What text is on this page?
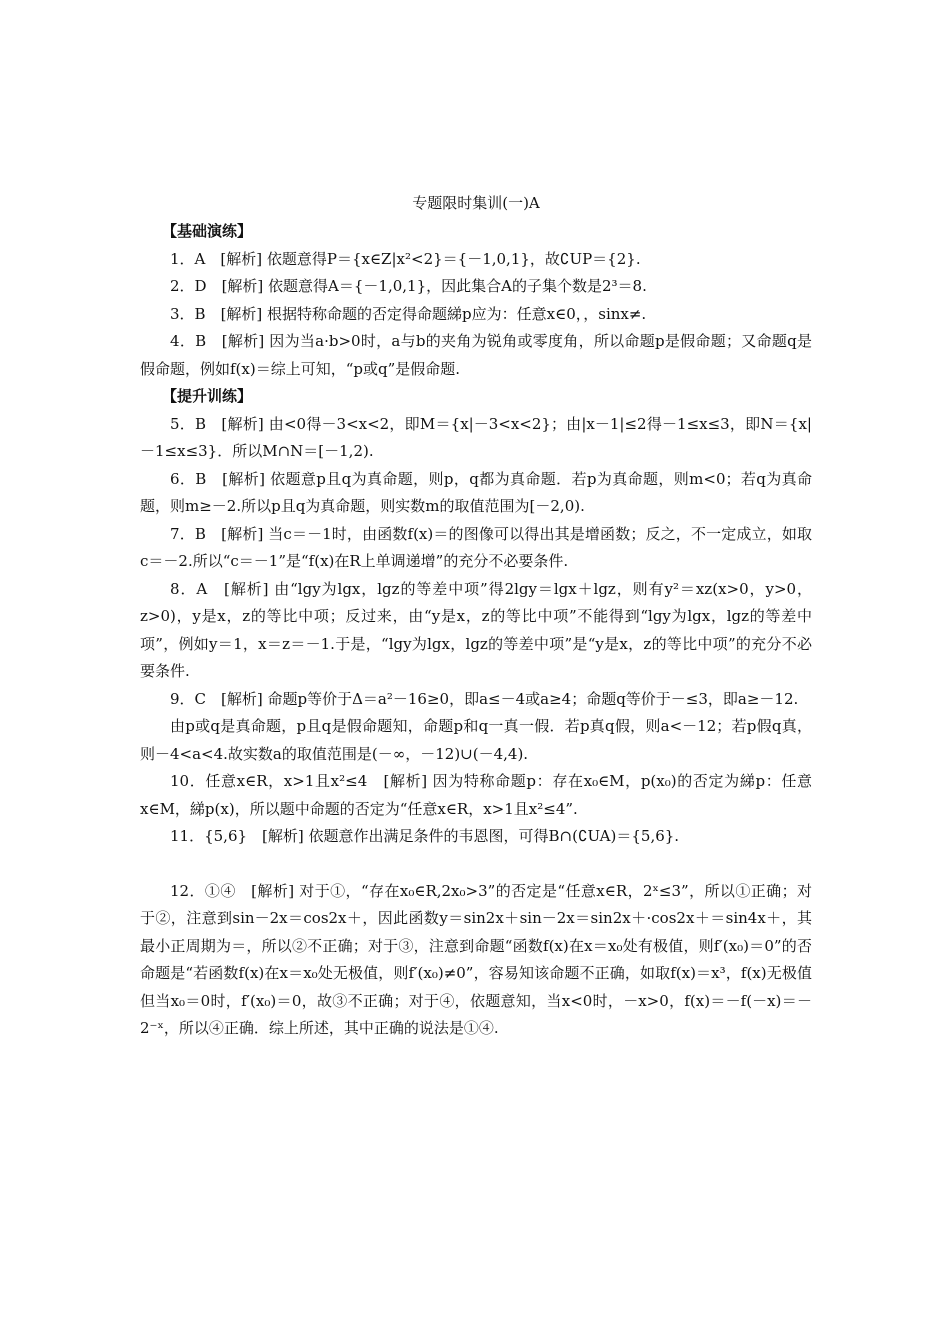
专题限时集训(一)A

【基础演练】

1．A　[解析] 依题意得P＝{x∈Z|x²<2}＝{－1,0,1}，故∁UP＝{2}.

2．D　[解析] 依题意得A＝{－1,0,1}，因此集合A的子集个数是2³＝8.

3．B　[解析] 根据特称命题的否定得命题綈p应为：任意x∈0，，sinx≠.

4．B　[解析] 因为当a·b>0时，a与b的夹角为锐角或零度角，所以命题p是假命题；又命题q是假命题，例如f(x)＝综上可知，“p或q”是假命题.

【提升训练】

5．B　[解析] 由<0得－3<x<2，即M＝{x|－3<x<2}；由|x－1|≤2得－1≤x≤3，即N＝{x|－1≤x≤3}．所以M∩N＝[－1,2).

6．B　[解析] 依题意p且q为真命题，则p，q都为真命题．若p为真命题，则m<0；若q为真命题，则m≥－2.所以p且q为真命题，则实数m的取值范围为[－2,0).

7．B　[解析] 当c＝－1时，由函数f(x)＝的图像可以得出其是增函数；反之，不一定成立，如取c＝－2.所以“c＝－1”是“f(x)在R上单调递增”的充分不必要条件.

8．A　[解析] 由“lgy为lgx，lgz的等差中项”得2lgy＝lgx＋lgz，则有y²＝xz(x>0，y>0，z>0)，y是x，z的等比中项；反过来，由“y是x，z的等比中项”不能得到“lgy为lgx，lgz的等差中项”，例如y＝1，x＝z＝－1.于是，“lgy为lgx，lgz的等差中项”是“y是x，z的等比中项”的充分不必要条件.

9．C　[解析] 命题p等价于Δ＝a²－16≥0，即a≤－4或a≥4；命题q等价于－≤3，即a≥－12.

由p或q是真命题，p且q是假命题知，命题p和q一真一假．若p真q假，则a<－12；若p假q真，则－4<a<4.故实数a的取值范围是(－∞，－12)∪(－4,4).

10．任意x∈R，x>1且x²≤4　[解析] 因为特称命题p：存在x₀∈M，p(x₀)的否定为綈p：任意x∈M，綈p(x)，所以题中命题的否定为“任意x∈R，x>1且x²≤4”.

11．{5,6}　[解析] 依题意作出满足条件的韦恩图，可得B∩(∁UA)＝{5,6}.

12．①④　[解析] 对于①，“存在x₀∈R,2x₀>3”的否定是“任意x∈R，2ˣ≤3”，所以①正确；对于②，注意到sin－2x＝cos2x＋，因此函数y＝sin2x＋sin－2x＝sin2x＋·cos2x＋＝sin4x＋，其最小正周期为＝，所以②不正确；对于③，注意到命题“函数f(x)在x＝x₀处有极值，则f′(x₀)＝0”的否命题是“若函数f(x)在x＝x₀处无极值，则f′(x₀)≠0”，容易知该命题不正确，如取f(x)＝x³，f(x)无极值但当x₀＝0时，f′(x₀)＝0，故③不正确；对于④，依题意知，当x<0时，－x>0，f(x)＝－f(－x)＝－2⁻ˣ，所以④正确．综上所述，其中正确的说法是①④.
